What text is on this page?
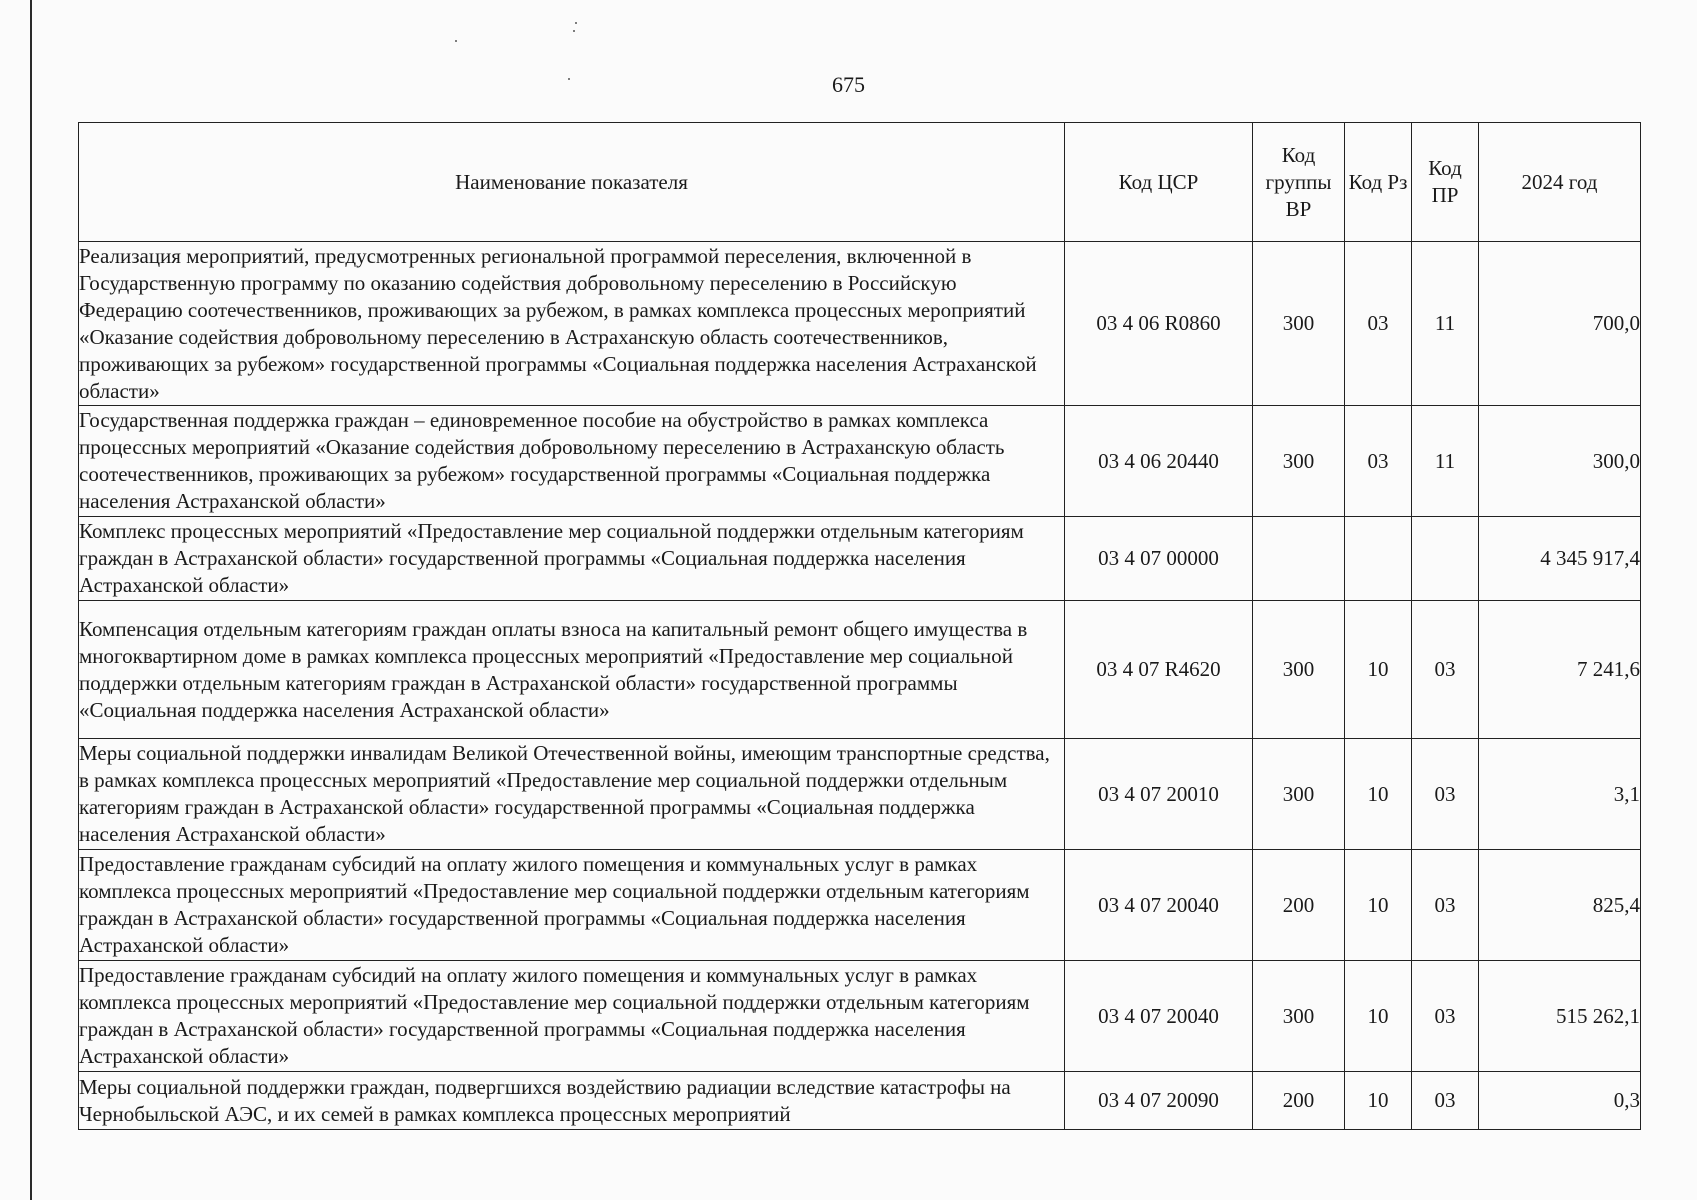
675
Наименование показателя	Код ЦСР	Код группы ВР	Код Рз	Код ПР	2024 год
Реализация мероприятий, предусмотренных региональной программой переселения, включенной в Государственную программу по оказанию содействия добровольному переселению в Российскую Федерацию соотечественников, проживающих за рубежом, в рамках комплекса процессных мероприятий «Оказание содействия добровольному переселению в Астраханскую область соотечественников, проживающих за рубежом» государственной программы «Социальная поддержка населения Астраханской области»	03 4 06 R0860	300	03	11	700,0
Государственная поддержка граждан – единовременное пособие на обустройство в рамках комплекса процессных мероприятий «Оказание содействия добровольному переселению в Астраханскую область соотечественников, проживающих за рубежом» государственной программы «Социальная поддержка населения Астраханской области»	03 4 06 20440	300	03	11	300,0
Комплекс процессных мероприятий «Предоставление мер социальной поддержки отдельным категориям граждан в Астраханской области» государственной программы «Социальная поддержка населения Астраханской области»	03 4 07 00000				4 345 917,4
Компенсация отдельным категориям граждан оплаты взноса на капитальный ремонт общего имущества в многоквартирном доме в рамках комплекса процессных мероприятий «Предоставление мер социальной поддержки отдельным категориям граждан в Астраханской области» государственной программы «Социальная поддержка населения Астраханской области»	03 4 07 R4620	300	10	03	7 241,6
Меры социальной поддержки инвалидам Великой Отечественной войны, имеющим транспортные средства, в рамках комплекса процессных мероприятий «Предоставление мер социальной поддержки отдельным категориям граждан в Астраханской области» государственной программы «Социальная поддержка населения Астраханской области»	03 4 07 20010	300	10	03	3,1
Предоставление гражданам субсидий на оплату жилого помещения и коммунальных услуг в рамках комплекса процессных мероприятий «Предоставление мер социальной поддержки отдельным категориям граждан в Астраханской области» государственной программы «Социальная поддержка населения Астраханской области»	03 4 07 20040	200	10	03	825,4
Предоставление гражданам субсидий на оплату жилого помещения и коммунальных услуг в рамках комплекса процессных мероприятий «Предоставление мер социальной поддержки отдельным категориям граждан в Астраханской области» государственной программы «Социальная поддержка населения Астраханской области»	03 4 07 20040	300	10	03	515 262,1
Меры социальной поддержки граждан, подвергшихся воздействию радиации вследствие катастрофы на Чернобыльской АЭС, и их семей в рамках комплекса процессных мероприятий	03 4 07 20090	200	10	03	0,3
